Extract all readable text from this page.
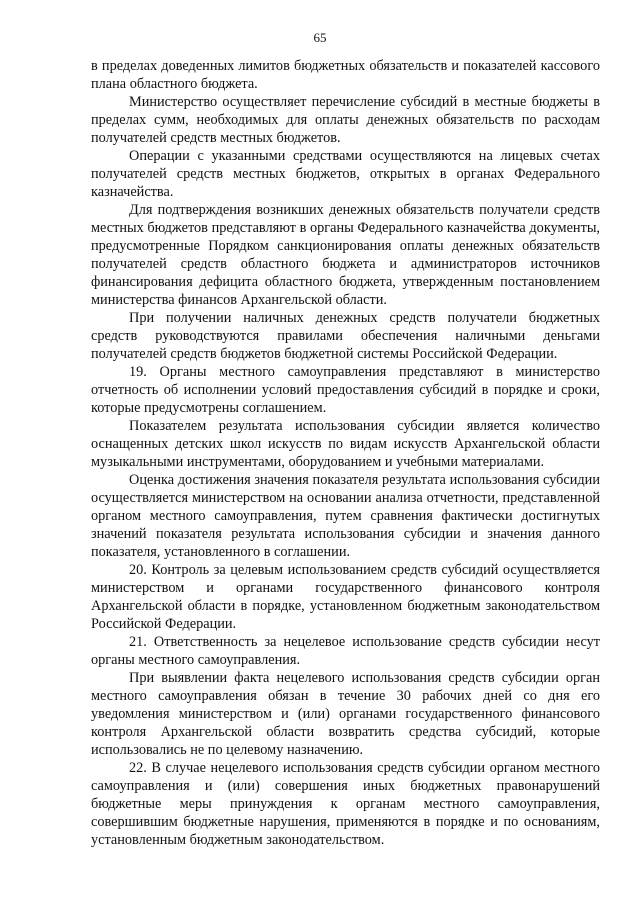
65

в пределах доведенных лимитов бюджетных обязательств и показателей кассового плана областного бюджета.

Министерство осуществляет перечисление субсидий в местные бюджеты в пределах сумм, необходимых для оплаты денежных обязательств по расходам получателей средств местных бюджетов.

Операции с указанными средствами осуществляются на лицевых счетах получателей средств местных бюджетов, открытых в органах Федерального казначейства.

Для подтверждения возникших денежных обязательств получатели средств местных бюджетов представляют в органы Федерального казначейства документы, предусмотренные Порядком санкционирования оплаты денежных обязательств получателей средств областного бюджета и администраторов источников финансирования дефицита областного бюджета, утвержденным постановлением министерства финансов Архангельской области.

При получении наличных денежных средств получатели бюджетных средств руководствуются правилами обеспечения наличными деньгами получателей средств бюджетов бюджетной системы Российской Федерации.

19. Органы местного самоуправления представляют в министерство отчетность об исполнении условий предоставления субсидий в порядке и сроки, которые предусмотрены соглашением.

Показателем результата использования субсидии является количество оснащенных детских школ искусств по видам искусств Архангельской области музыкальными инструментами, оборудованием и учебными материалами.

Оценка достижения значения показателя результата использования субсидии осуществляется министерством на основании анализа отчетности, представленной органом местного самоуправления, путем сравнения фактически достигнутых значений показателя результата использования субсидии и значения данного показателя, установленного в соглашении.

20. Контроль за целевым использованием средств субсидий осуществляется министерством и органами государственного финансового контроля Архангельской области в порядке, установленном бюджетным законодательством Российской Федерации.

21. Ответственность за нецелевое использование средств субсидии несут органы местного самоуправления.

При выявлении факта нецелевого использования средств субсидии орган местного самоуправления обязан в течение 30 рабочих дней со дня его уведомления министерством и (или) органами государственного финансового контроля Архангельской области возвратить средства субсидий, которые использовались не по целевому назначению.

22. В случае нецелевого использования средств субсидии органом местного самоуправления и (или) совершения иных бюджетных правонарушений бюджетные меры принуждения к органам местного самоуправления, совершившим бюджетные нарушения, применяются в порядке и по основаниям, установленным бюджетным законодательством.
